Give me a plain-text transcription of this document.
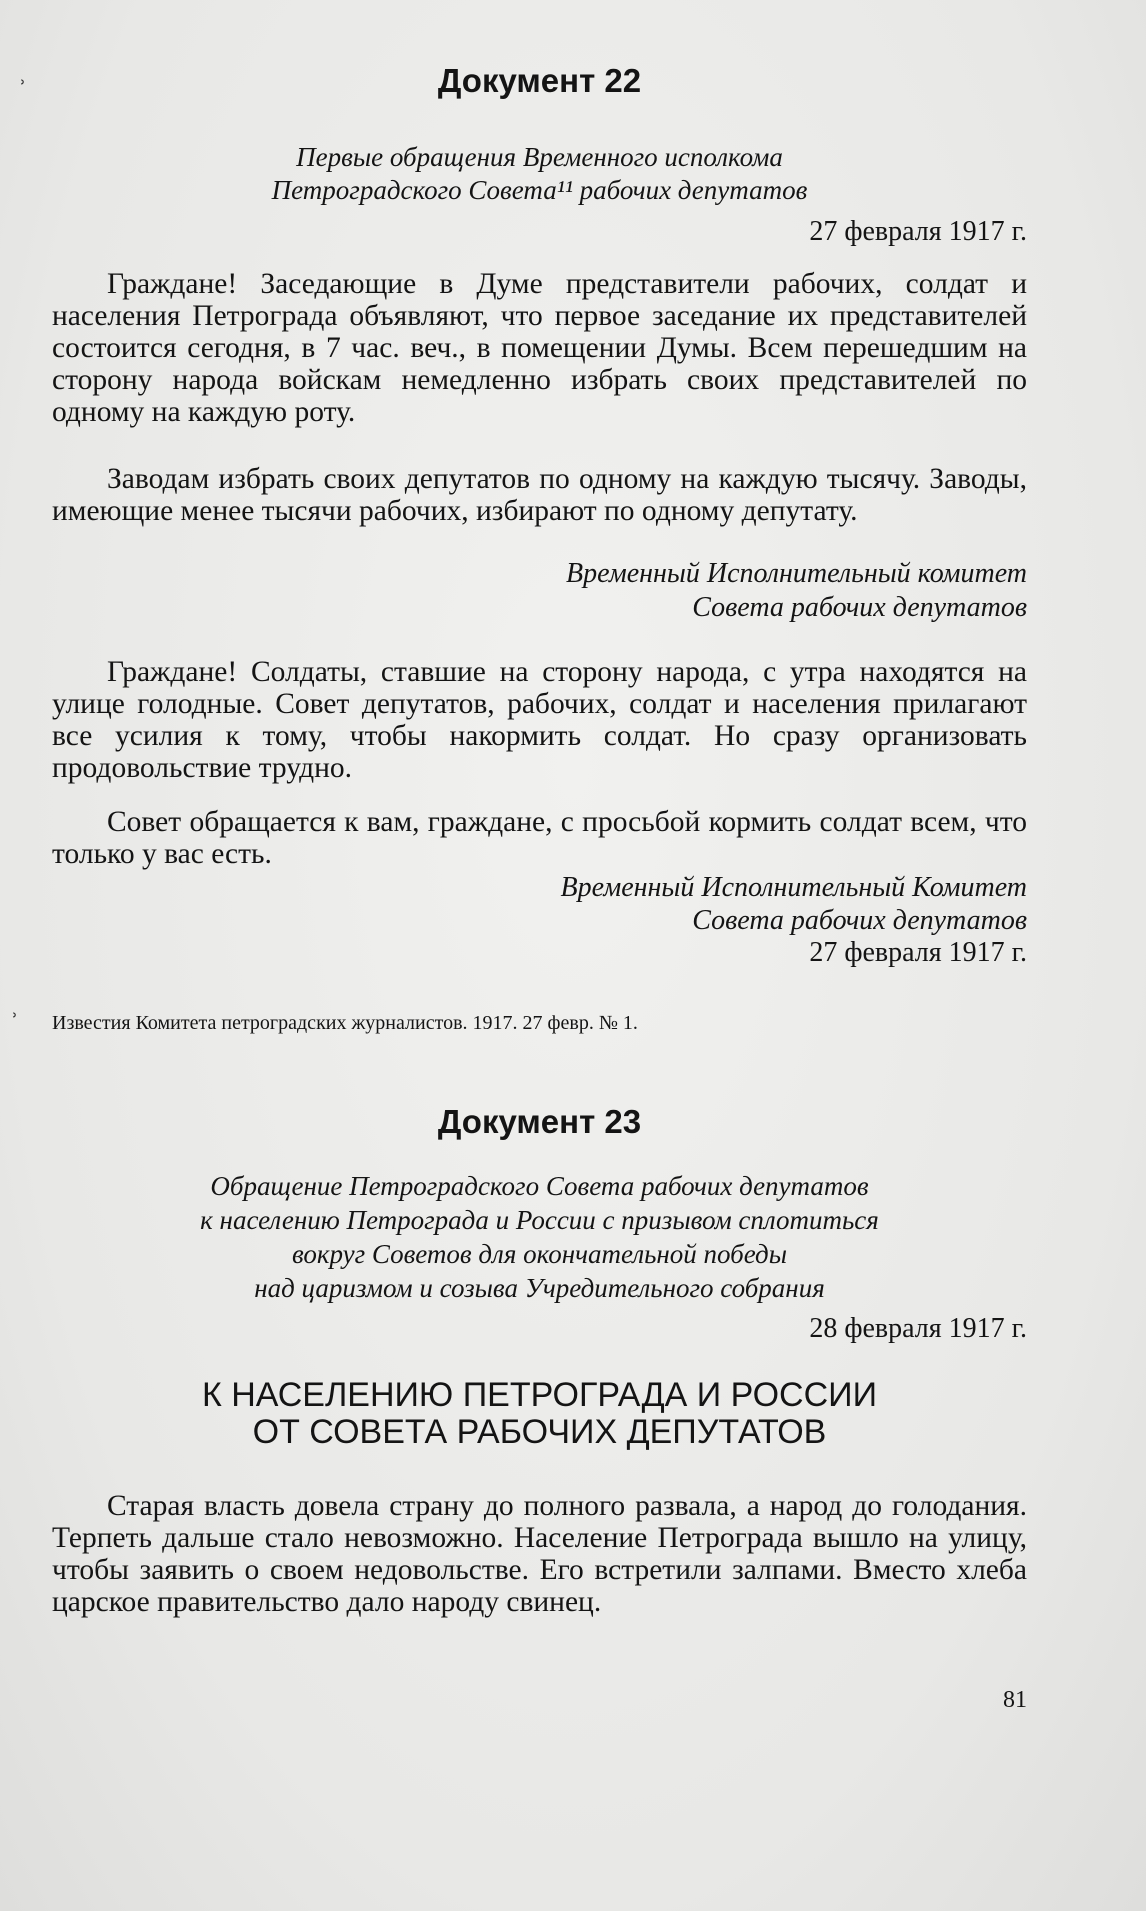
ʾ
ʾ
Документ 22
Первые обращения Временного исполкома
Петроградского Совета¹¹ рабочих депутатов
27 февраля 1917 г.
Граждане! Заседающие в Думе представители рабочих, солдат и населения Петрограда объявляют, что первое заседание их представителей состоится сегодня, в 7 час. веч., в помещении Думы. Всем перешедшим на сторону народа войскам немедленно избрать своих представителей по одному на каждую роту.
Заводам избрать своих депутатов по одному на каждую тысячу. Заводы, имеющие менее тысячи рабочих, избирают по одному депутату.
Временный Исполнительный комитет
Совета рабочих депутатов
Граждане! Солдаты, ставшие на сторону народа, с утра находятся на улице голодные. Совет депутатов, рабочих, солдат и населения прилагают все усилия к тому, чтобы накормить солдат. Но сразу организовать продовольствие трудно.
Совет обращается к вам, граждане, с просьбой кормить солдат всем, что только у вас есть.
Временный Исполнительный Комитет
Совета рабочих депутатов
27 февраля 1917 г.
Известия Комитета петроградских журналистов. 1917. 27 февр. № 1.
Документ 23
Обращение Петроградского Совета рабочих депутатов
к населению Петрограда и России с призывом сплотиться
вокруг Советов для окончательной победы
над царизмом и созыва Учредительного собрания
28 февраля 1917 г.
К НАСЕЛЕНИЮ ПЕТРОГРАДА И РОССИИ
ОТ СОВЕТА РАБОЧИХ ДЕПУТАТОВ
Старая власть довела страну до полного развала, а народ до голодания. Терпеть дальше стало невозможно. Население Петрограда вышло на улицу, чтобы заявить о своем недовольстве. Его встретили залпами. Вместо хлеба царское правительство дало народу свинец.
81
